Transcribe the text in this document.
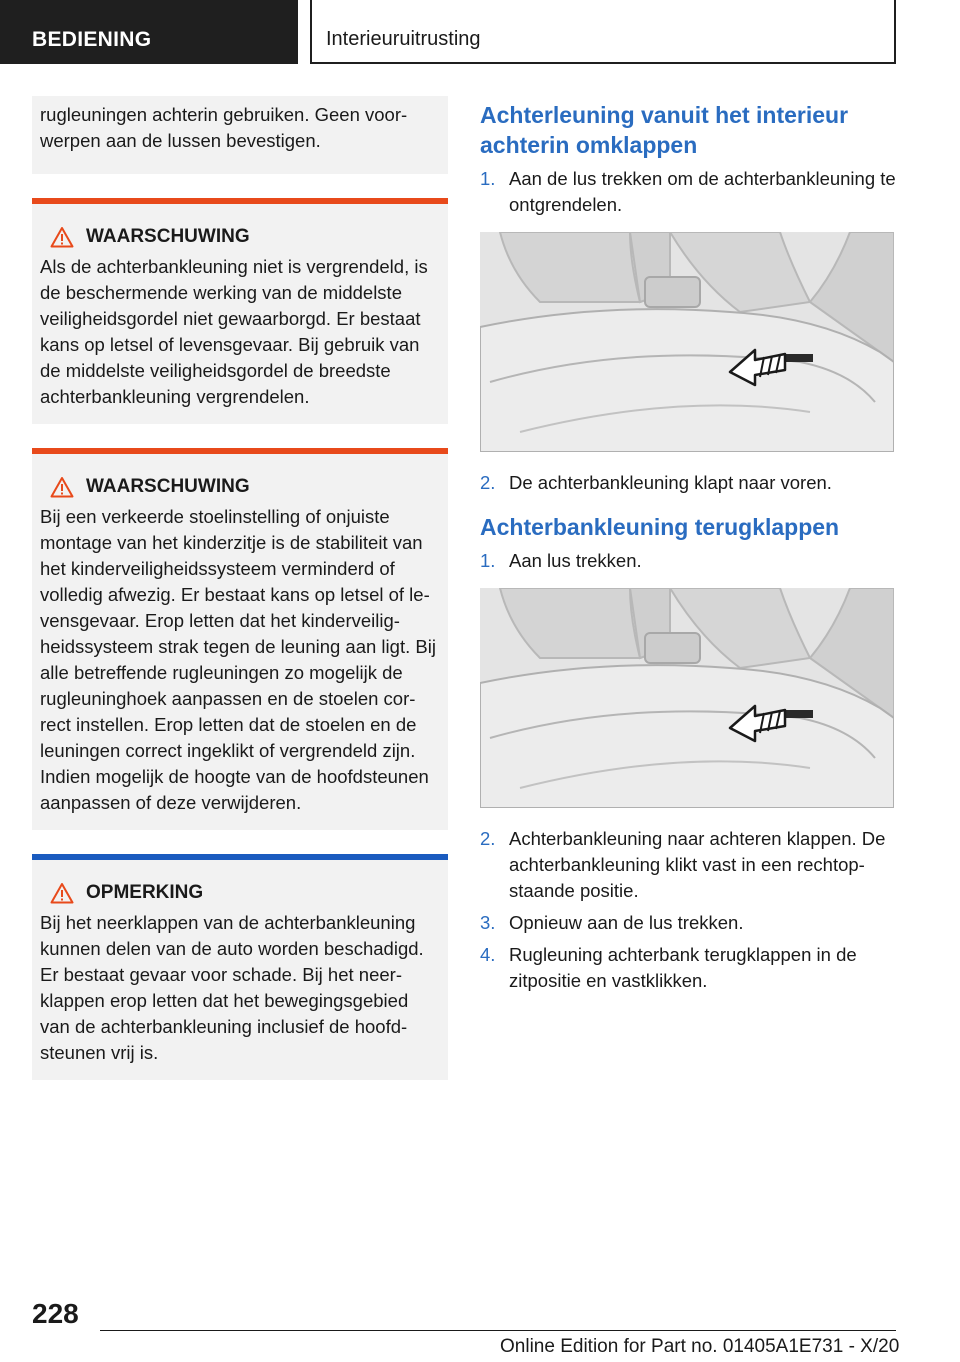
BEDIENING	Interieuruitrusting
rugleuningen achterin gebruiken. Geen voor-werpen aan de lussen bevestigen.
WAARSCHUWING
Als de achterbankleuning niet is vergrendeld, is de beschermende werking van de middelste veiligheidsgordel niet gewaarborgd. Er bestaat kans op letsel of levensgevaar. Bij gebruik van de middelste veiligheidsgordel de breedste achterbankleuning vergrendelen.
WAARSCHUWING
Bij een verkeerde stoelinstelling of onjuiste montage van het kinderzitje is de stabiliteit van het kinderveiligheidssysteem verminderd of volledig afwezig. Er bestaat kans op letsel of le-vensgevaar. Erop letten dat het kinderveilig-heidssysteem strak tegen de leuning aan ligt. Bij alle betreffende rugleuningen zo mogelijk de rugleuninghoek aanpassen en de stoelen cor-rect instellen. Erop letten dat de stoelen en de leuningen correct ingeklikt of vergrendeld zijn. Indien mogelijk de hoogte van de hoofdsteunen aanpassen of deze verwijderen.
OPMERKING
Bij het neerklappen van de achterbankleuning kunnen delen van de auto worden beschadigd. Er bestaat gevaar voor schade. Bij het neer-klappen erop letten dat het bewegingsgebied van de achterbankleuning inclusief de hoofd-steunen vrij is.
Achterleuning vanuit het interieur achterin omklappen
1. Aan de lus trekken om de achterbankleuning te ontgrendelen.
2. De achterbankleuning klapt naar voren.
Achterbankleuning terugklappen
1. Aan lus trekken.
2. Achterbankleuning naar achteren klappen. De achterbankleuning klikt vast in een rechtop-staande positie.
3. Opnieuw aan de lus trekken.
4. Rugleuning achterbank terugklappen in de zitpositie en vastklikken.
228
Online Edition for Part no. 01405A1E731 - X/20
